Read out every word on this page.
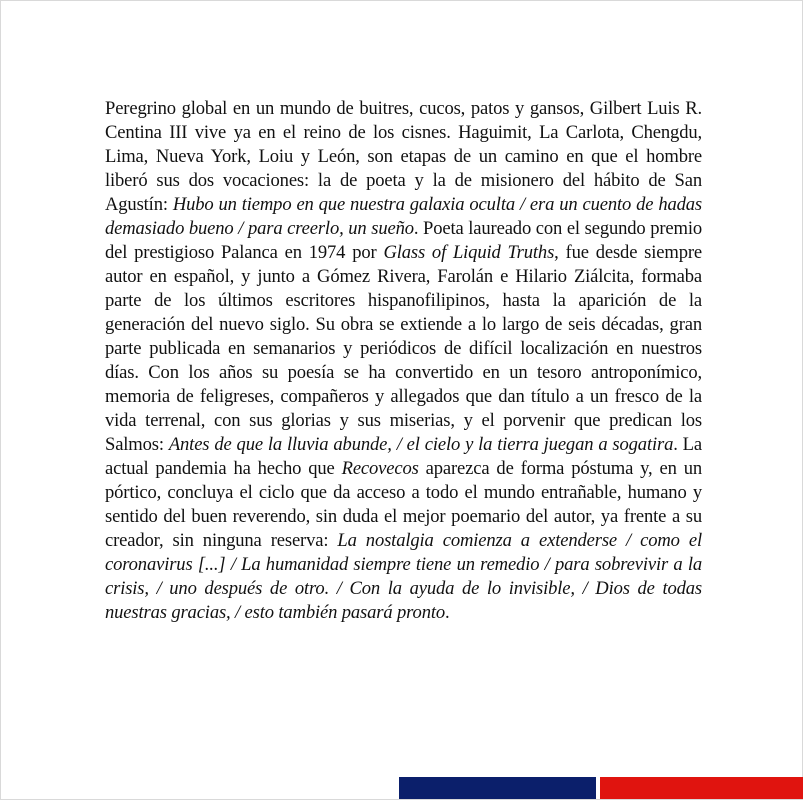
Peregrino global en un mundo de buitres, cucos, patos y gansos, Gilbert Luis R. Centina III vive ya en el reino de los cisnes. Haguimit, La Carlota, Chengdu, Lima, Nueva York, Loiu y León, son etapas de un camino en que el hombre liberó sus dos vocaciones: la de poeta y la de misionero del hábito de San Agustín: Hubo un tiempo en que nuestra galaxia oculta / era un cuento de hadas demasiado bueno / para creerlo, un sueño. Poeta laureado con el segundo premio del prestigioso Palanca en 1974 por Glass of Liquid Truths, fue desde siempre autor en español, y junto a Gómez Rivera, Farolán e Hilario Ziálcita, formaba parte de los últimos escritores hispanofilipinos, hasta la aparición de la generación del nuevo siglo. Su obra se extiende a lo largo de seis décadas, gran parte publicada en semanarios y periódicos de difícil localización en nuestros días. Con los años su poesía se ha convertido en un tesoro antroponímico, memoria de feligreses, compañeros y allegados que dan título a un fresco de la vida terrenal, con sus glorias y sus miserias, y el porvenir que predican los Salmos: Antes de que la lluvia abunde, / el cielo y la tierra juegan a sogatira. La actual pandemia ha hecho que Recovecos aparezca de forma póstuma y, en un pórtico, concluya el ciclo que da acceso a todo el mundo entrañable, humano y sentido del buen reverendo, sin duda el mejor poemario del autor, ya frente a su creador, sin ninguna reserva: La nostalgia comienza a extenderse / como el coronavirus [...] / La humanidad siempre tiene un remedio / para sobrevivir a la crisis, / uno después de otro. / Con la ayuda de lo invisible, / Dios de todas nuestras gracias, / esto también pasará pronto.
